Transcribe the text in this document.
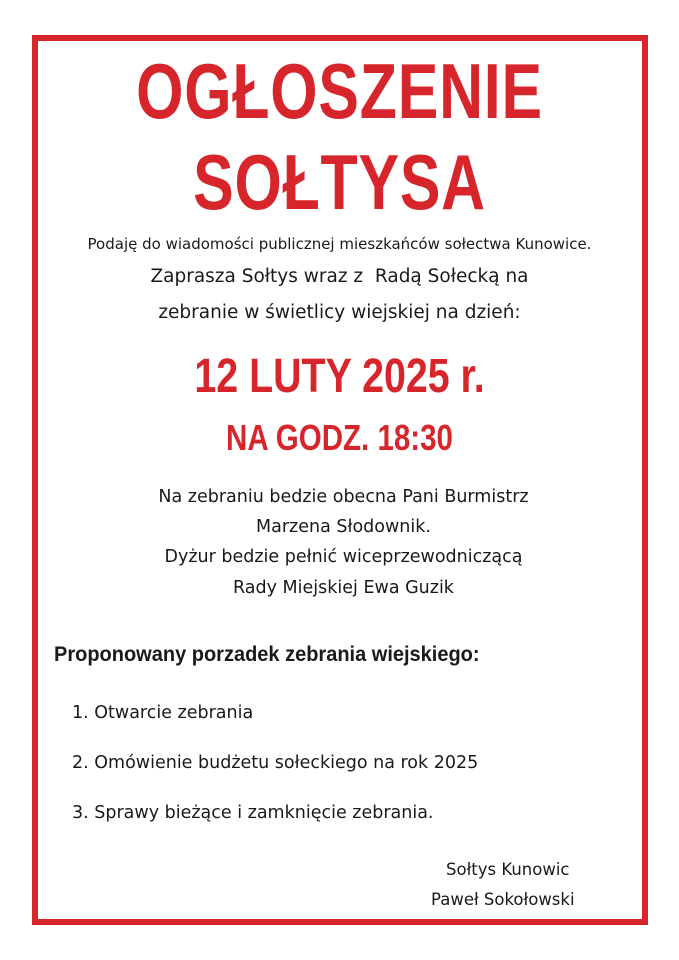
OGŁOSZENIE
SOŁTYSA

Podaję do wiadomości publicznej mieszkańców sołectwa Kunowice.

Zaprasza Sołtys wraz z  Radą Sołecką na

zebranie w świetlicy wiejskiej na dzień:

12 LUTY 2025 r.

NA GODZ. 18:30

Na zebraniu bedzie obecna Pani Burmistrz

Marzena Słodownik.

Dyżur bedzie pełnić wiceprzewodniczącą

Rady Miejskiej Ewa Guzik

Proponowany porzadek zebrania wiejskiego:
1. Otwarcie zebrania
2. Omówienie budżetu sołeckiego na rok 2025
3. Sprawy bieżące i zamknięcie zebrania.

Sołtys Kunowic

Paweł Sokołowski
